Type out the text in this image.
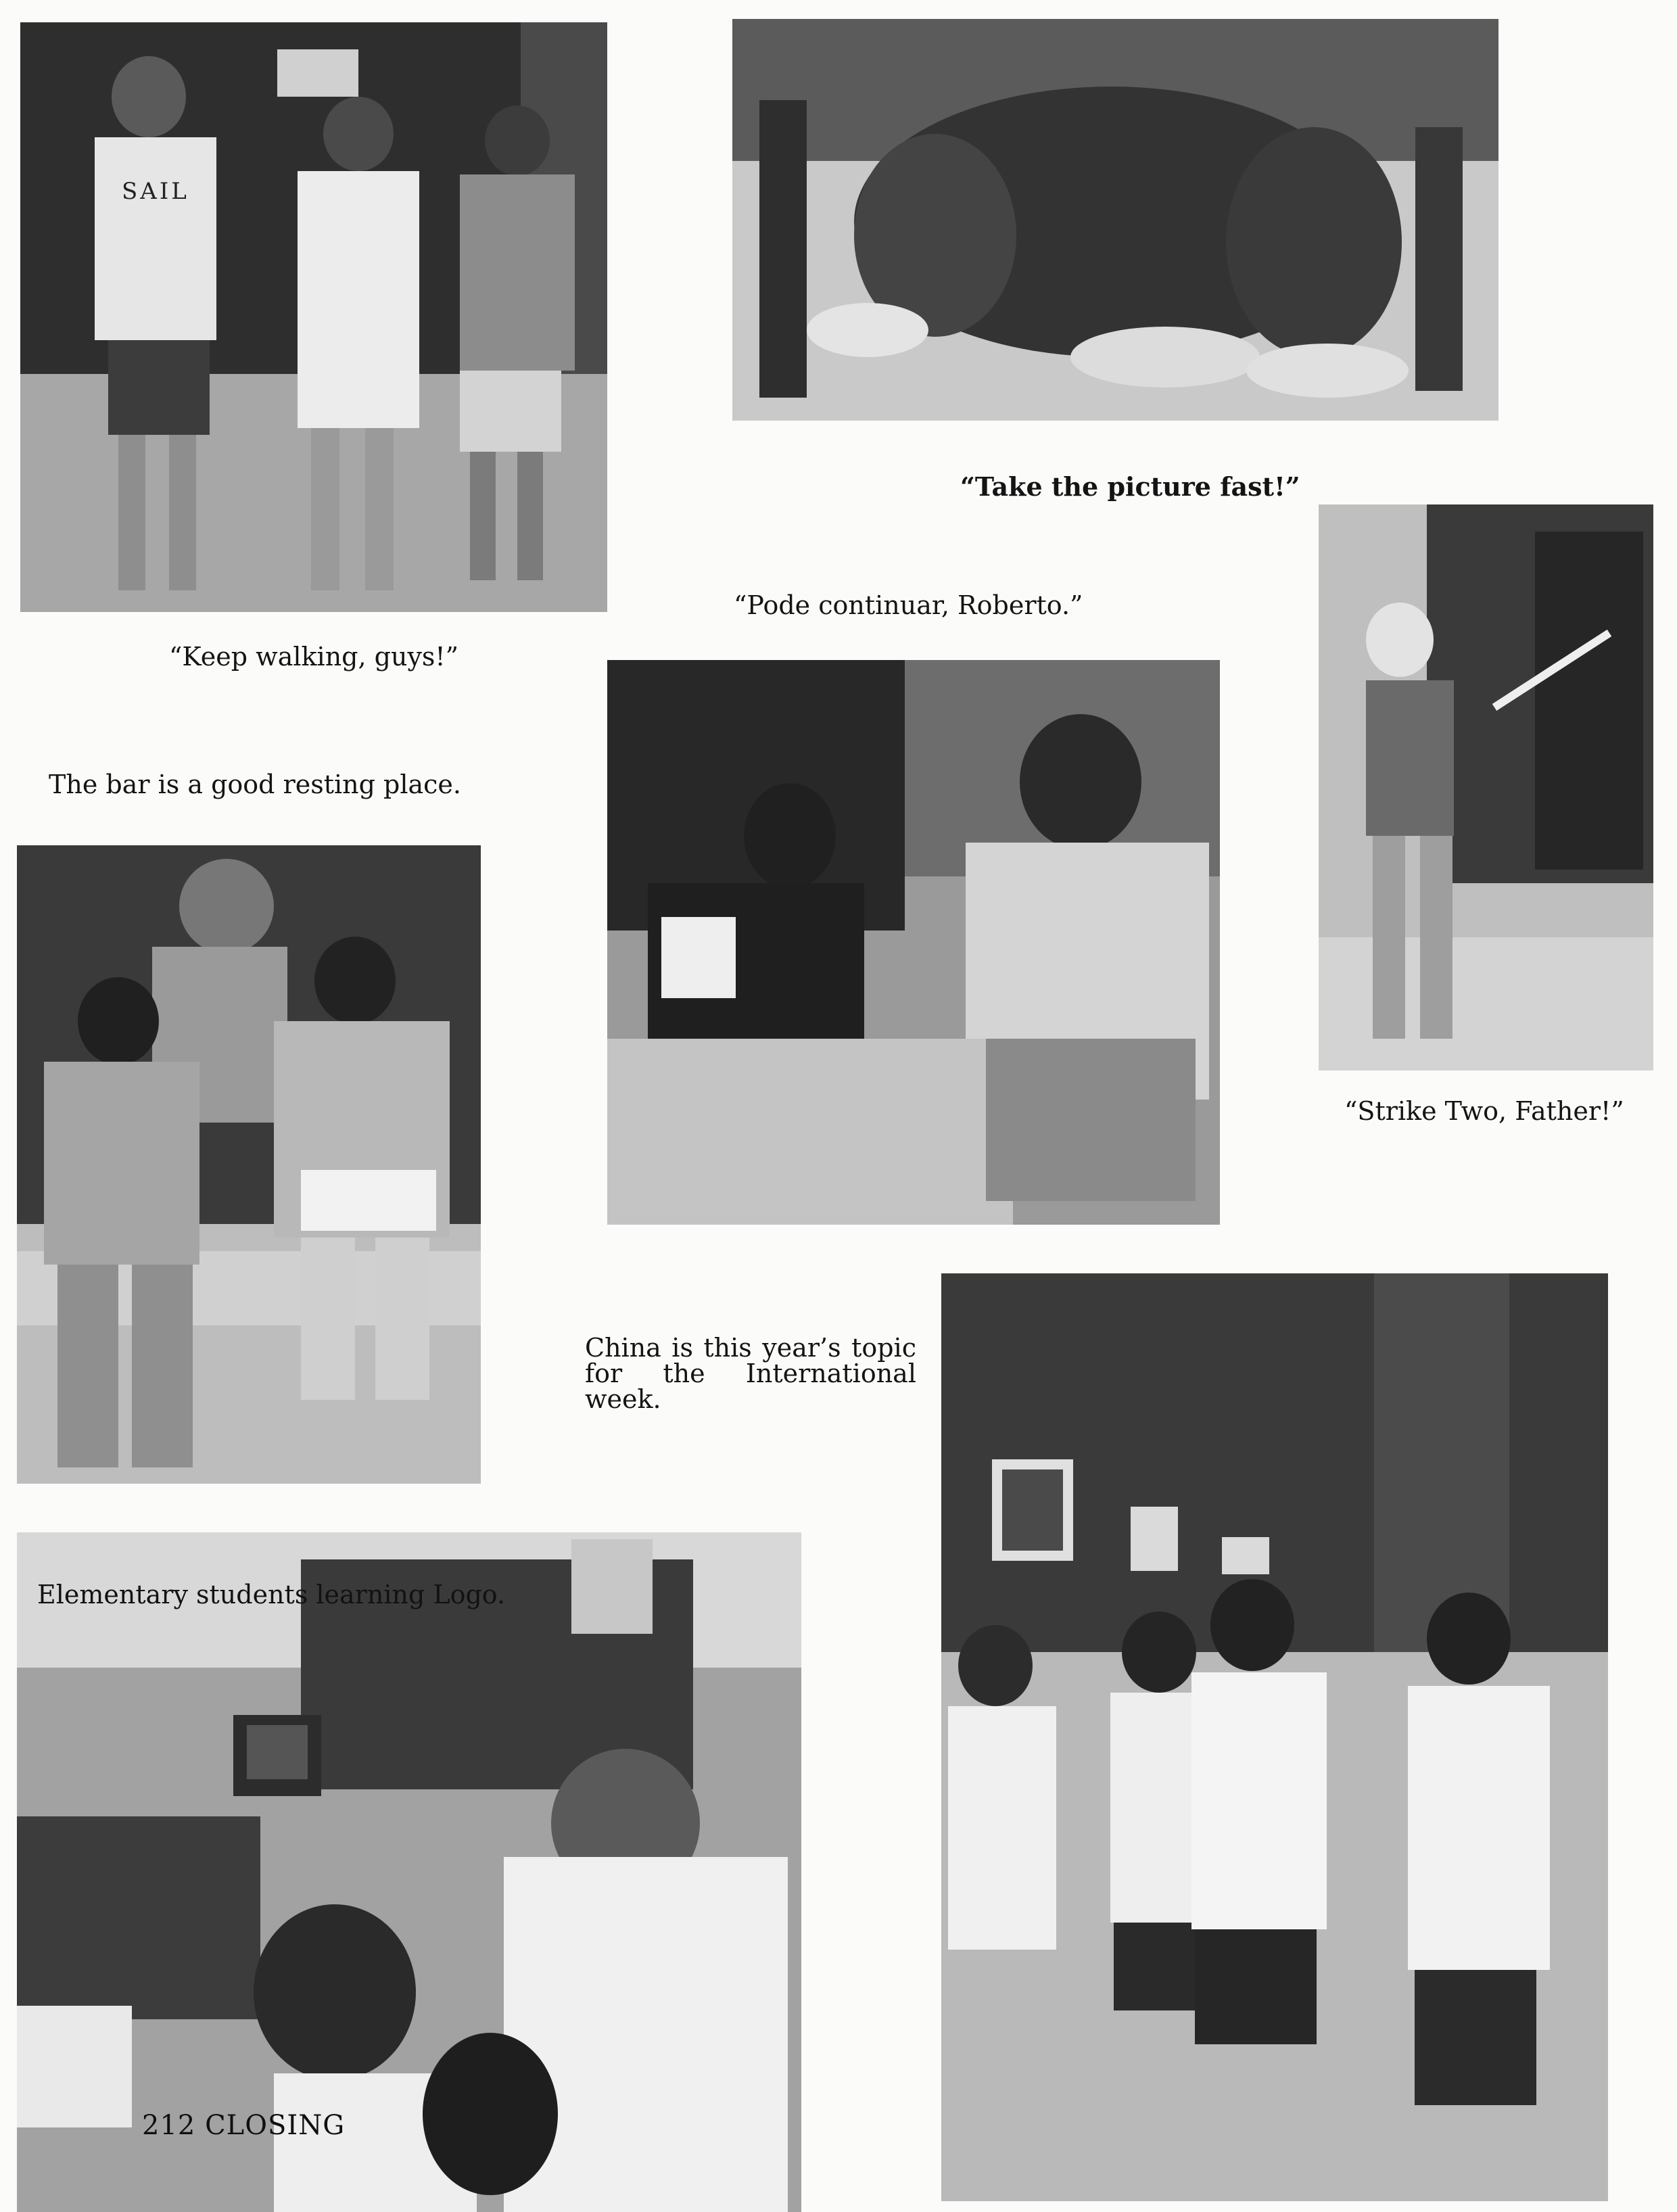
SAIL
“Keep walking, guys!”
“Take the picture fast!”
“Pode continuar, Roberto.”
“Strike Two, Father!”
The bar is a good resting place.
China is this year’s topic for the International week.
Elementary students learning Logo.
212 CLOSING
